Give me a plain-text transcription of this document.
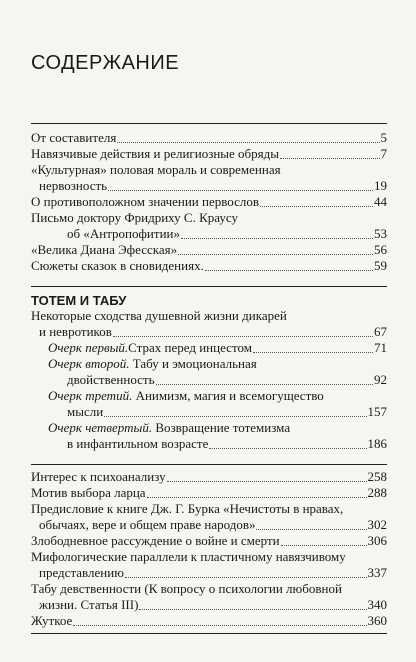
СОДЕРЖАНИЕ
От составителя	5
Навязчивые действия и религиозные обряды	7
«Культурная» половая мораль и современная
нервозность	19
О противоположном значении первослов	44
Письмо доктору Фридриху С. Краусу
об «Антропофитии»	53
«Велика Диана Эфесская»	56
Сюжеты сказок в сновидениях.	59
ТОТЕМ И ТАБУ
Некоторые сходства душевной жизни дикарей
и невротиков	67
Очерк первый. Страх перед инцестом	71
Очерк второй. Табу и эмоциональная
двойственность	92
Очерк третий. Анимизм, магия и всемогущество
мысли	157
Очерк четвертый. Возвращение тотемизма
в инфантильном возрасте	186
Интерес к психоанализу	258
Мотив выбора ларца	288
Предисловие к книге Дж. Г. Бурка «Нечистоты в нравах,
обычаях, вере и общем праве народов»	302
Злободневное рассуждение о войне и смерти	306
Мифологические параллели к пластичному навязчивому
представлению	337
Табу девственности (К вопросу о психологии любовной
жизни. Статья III)	340
Жуткое	360
